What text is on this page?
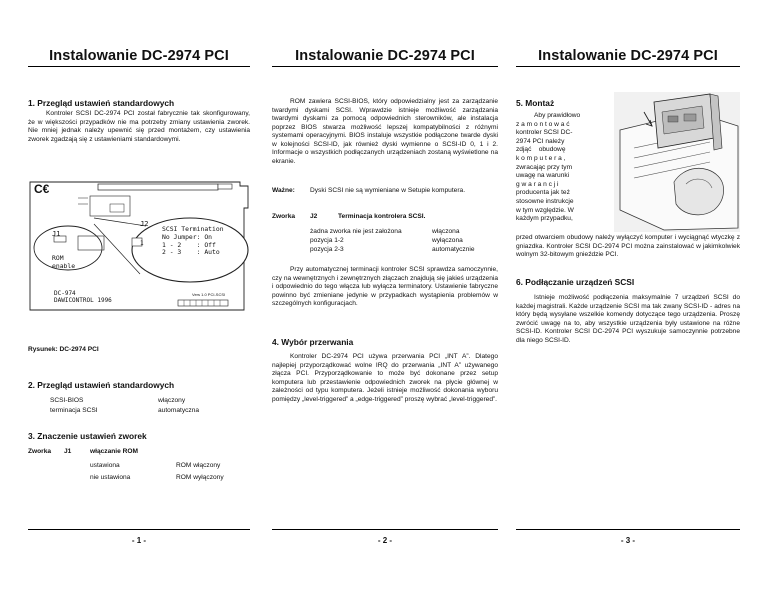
Instalowanie DC-2974 PCI
1. Przegląd ustawień standardowych
Kontroler SCSI DC-2974 PCI został fabrycznie tak skonfigurowany, że w większości przypadków nie ma potrzeby zmiany ustawienia zworek. Nie mniej jednak należy upewnić się przed montażem, czy ustawienia zworek zgadzają się z ustawieniami standardowymi.
C€
J1
J2
ROM
enable
SCSI Termination
No Jumper: On
1 - 2    : Off
2 - 3    : Auto
1
DC-974
DAWICONTROL 1996
Vers 1.0 PCI-SCSI
Rysunek: DC-2974 PCI
2. Przegląd ustawień standardowych
SCSI-BIOS	włączony
terminacja SCSI	automatyczna
3. Znaczenie ustawień zworek
Zworka J1	włączanie ROM
ustawiona	ROM włączony
nie ustawiona	ROM wyłączony
- 1 -
Instalowanie DC-2974 PCI
ROM zawiera SCSI-BIOS, który odpowiedzialny jest za zarządzanie twardymi dyskami SCSI. Wprawdzie istnieje możliwość zarządzania twardymi dyskami za pomocą odpowiednich sterowników, ale instalacja poprzez BIOS stwarza możliwość lepszej kompatybilności z różnymi systemami operacyjnymi. BIOS instaluje wszystkie podłączone twarde dyski w kolejności SCSI-ID, jak również dyski wymienne o SCSI-ID 0, 1 i 2. Informacje o wszystkich podłączanych urządzeniach zostaną wyświetlone na ekranie.
Ważne: Dyski SCSI nie są wymieniane w Setupie komputera.
Zworka J2	Terminacja kontrolera SCSI.
żadna zworka nie jest założona	włączona
pozycja 1-2	wyłączona
pozycja 2-3	automatycznie
Przy automatycznej terminacji kontroler SCSI sprawdza samoczynnie, czy na wewnętrznych i zewnętrznych złączach znajdują się jakieś urządzenia i odpowiednio do tego włącza lub wyłącza terminatory. Ustawienie fabryczne powinno być zmieniane jedynie w przypadkach wystąpienia problemów w szczególnych konfiguracjach.
4. Wybór przerwania
Kontroler DC-2974 PCI używa przerwania PCI „INT A”. Dlatego najlepiej przyporządkować wolne IRQ do przerwania „INT A” używanego złącza PCI. Przyporządkowanie to może być dokonane przez setup komputera lub przestawienie odpowiednich zworek na płycie głównej w zależności od typu komputera. Jeżeli istnieje możliwość dokonania wyboru pomiędzy „level-triggered” a „edge-triggered” proszę wybrać „level-triggered”.
- 2 -
Instalowanie DC-2974 PCI
5. Montaż
Aby prawidłowo
z a m o n t o w a ć
kontroler SCSI DC-
2974 PCI należy
zdjąć    obudowę
k o m p u t e r a ,
zwracając przy tym
uwagę na warunki
g w a r a n c j i
producenta jak też
stosowne instrukcje
w tym względzie. W
każdym przypadku,
przed otwarciem obudowy należy wyłączyć komputer i wyciągnąć wtyczkę z gniazdka. Kontroler SCSI DC-2974 PCI można zainstalować w jakimkolwiek wolnym 32-bitowym gnieździe PCI.
6. Podłączanie urządzeń SCSI
Istnieje możliwość podłączenia maksymalnie 7 urządzeń SCSI do każdej magistrali. Każde urządzenie SCSI ma tak zwany SCSI-ID - adres na który będą wysyłane wszelkie komendy dotyczące tego urządzenia. Proszę zwrócić uwagę na to, aby wszystkie urządzenia były ustawione na różne SCSI-ID. Kontroler SCSI DC-2974 PCI wyszukuje samoczynnie potrzebne dla niego SCSI-ID.
- 3 -
